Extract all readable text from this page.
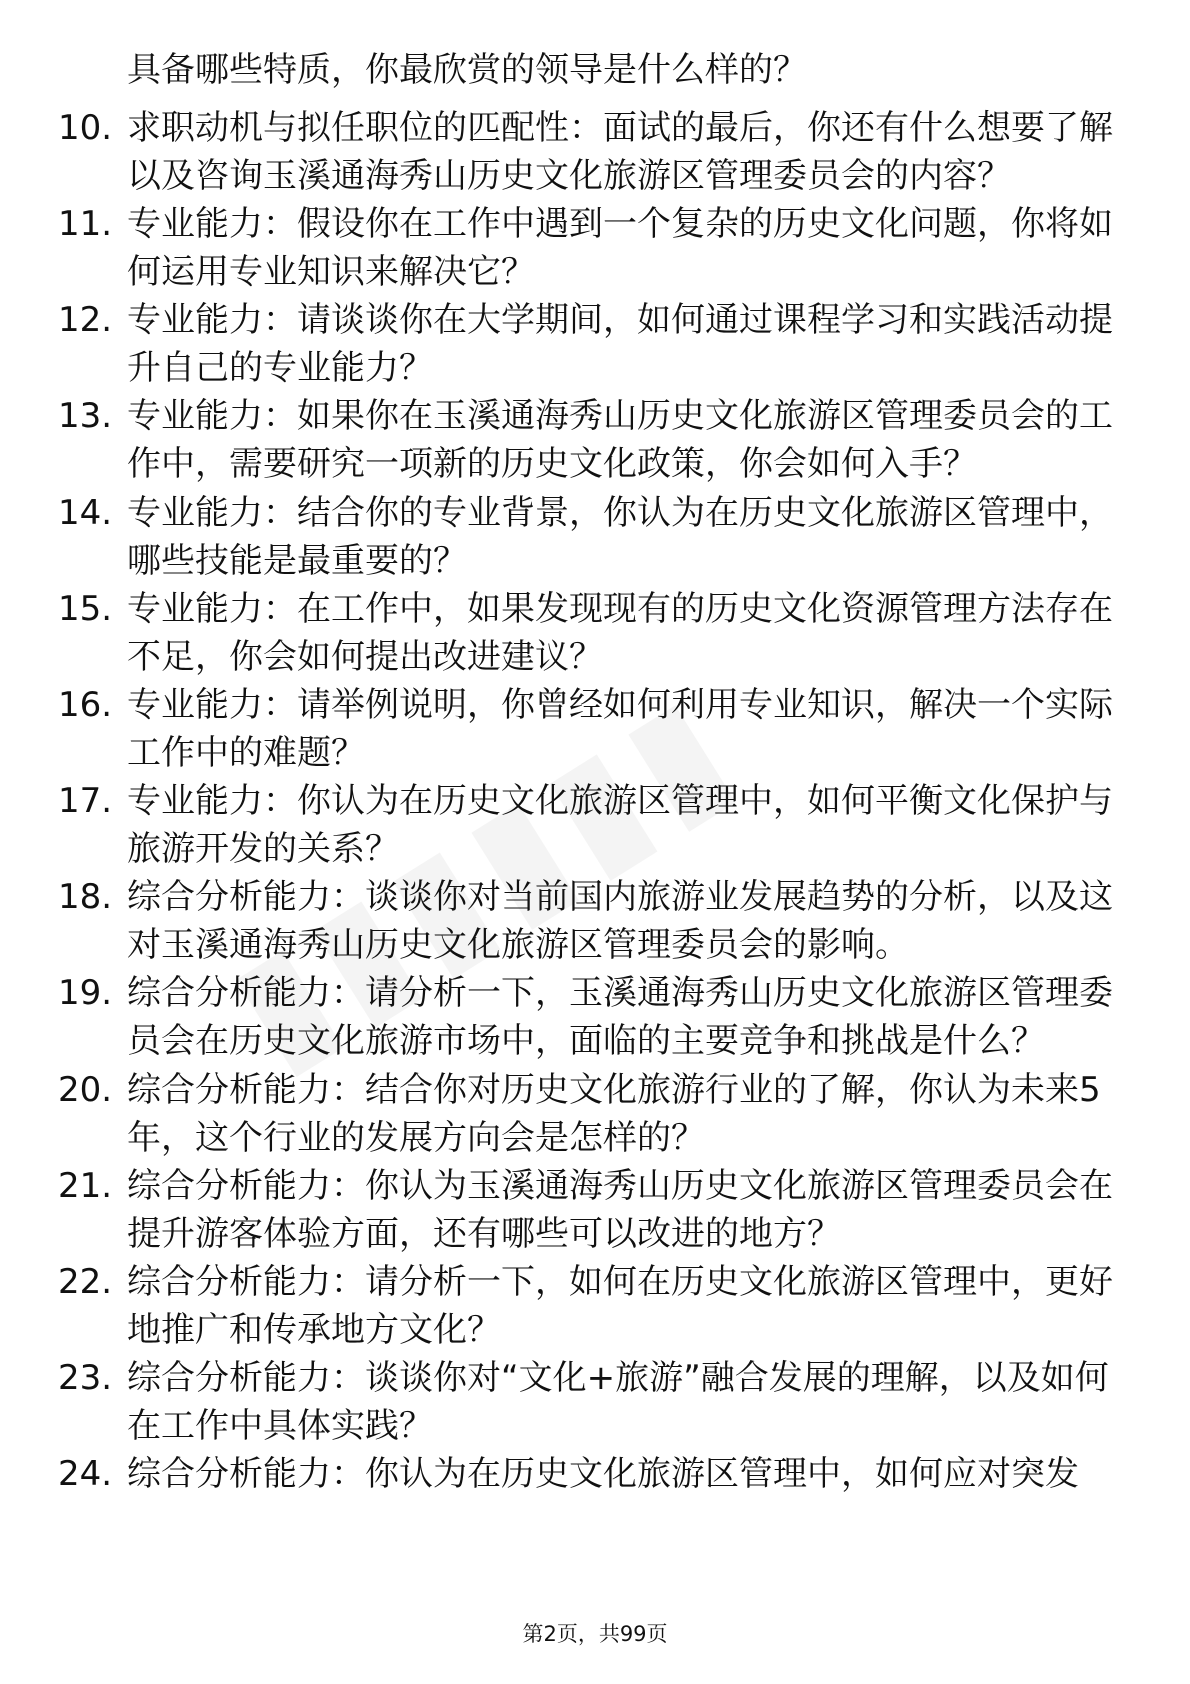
具备哪些特质，你最欣赏的领导是什么样的？

10. 求职动机与拟任职位的匹配性：面试的最后，你还有什么想要了解以及咨询玉溪通海秀山历史文化旅游区管理委员会的内容？

11. 专业能力：假设你在工作中遇到一个复杂的历史文化问题，你将如何运用专业知识来解决它？

12. 专业能力：请谈谈你在大学期间，如何通过课程学习和实践活动提升自己的专业能力？

13. 专业能力：如果你在玉溪通海秀山历史文化旅游区管理委员会的工作中，需要研究一项新的历史文化政策，你会如何入手？

14. 专业能力：结合你的专业背景，你认为在历史文化旅游区管理中，哪些技能是最重要的？

15. 专业能力：在工作中，如果发现现有的历史文化资源管理方法存在不足，你会如何提出改进建议？

16. 专业能力：请举例说明，你曾经如何利用专业知识，解决一个实际工作中的难题？

17. 专业能力：你认为在历史文化旅游区管理中，如何平衡文化保护与旅游开发的关系？

18. 综合分析能力：谈谈你对当前国内旅游业发展趋势的分析，以及这对玉溪通海秀山历史文化旅游区管理委员会的影响。

19. 综合分析能力：请分析一下，玉溪通海秀山历史文化旅游区管理委员会在历史文化旅游市场中，面临的主要竞争和挑战是什么？

20. 综合分析能力：结合你对历史文化旅游行业的了解，你认为未来5年，这个行业的发展方向会是怎样的？

21. 综合分析能力：你认为玉溪通海秀山历史文化旅游区管理委员会在提升游客体验方面，还有哪些可以改进的地方？

22. 综合分析能力：请分析一下，如何在历史文化旅游区管理中，更好地推广和传承地方文化？

23. 综合分析能力：谈谈你对“文化+旅游”融合发展的理解，以及如何在工作中具体实践？

24. 综合分析能力：你认为在历史文化旅游区管理中，如何应对突发

第2页，共99页
